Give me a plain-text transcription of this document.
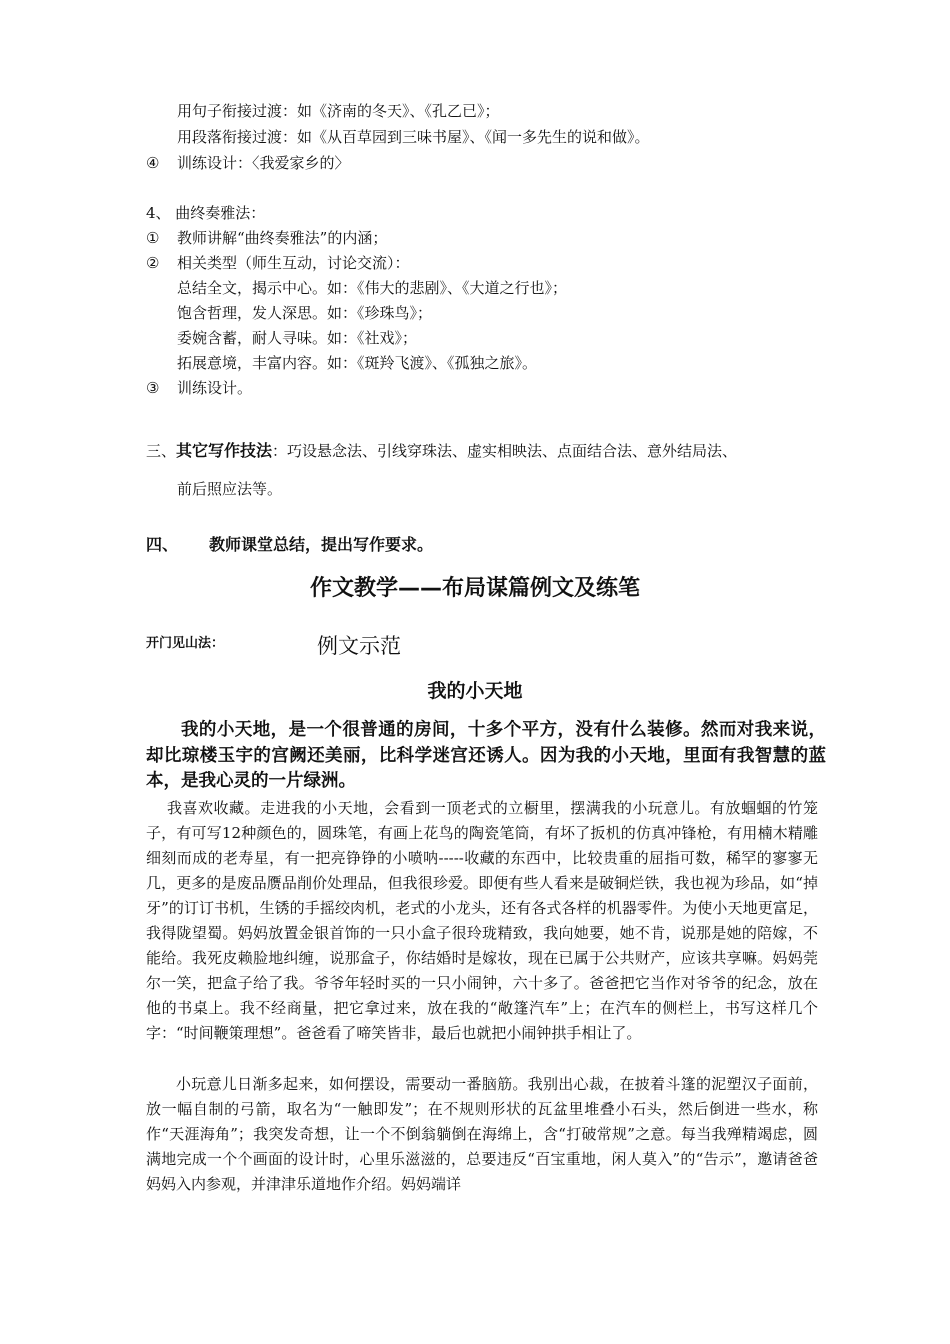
用句子衔接过渡：如《济南的冬天》、《孔乙已》；
用段落衔接过渡：如《从百草园到三味书屋》、《闻一多先生的说和做》。
④ 训练设计：〈我爱家乡的〉
4、 曲终奏雅法：
① 教师讲解“曲终奏雅法”的内涵；
② 相关类型（师生互动，讨论交流）：
总结全文，揭示中心。如：《伟大的悲剧》、《大道之行也》；
饱含哲理，发人深思。如：《珍珠鸟》；
委婉含蓄，耐人寻味。如：《社戏》；
拓展意境，丰富内容。如：《斑羚飞渡》、《孤独之旅》。
③ 训练设计。
三、其它写作技法：巧设悬念法、引线穿珠法、虚实相映法、点面结合法、意外结局法、
前后照应法等。
四、 教师课堂总结，提出写作要求。
作文教学——布局谋篇例文及练笔
开门见山法：	例文示范
我的小天地
我的小天地，是一个很普通的房间，十多个平方，没有什么装修。然而对我来说，却比琼楼玉宇的宫阙还美丽，比科学迷宫还诱人。因为我的小天地，里面有我智慧的蓝本，是我心灵的一片绿洲。
我喜欢收藏。走进我的小天地，会看到一顶老式的立橱里，摆满我的小玩意儿。有放蝈蝈的竹笼子，有可写12种颜色的，圆珠笔，有画上花鸟的陶瓷笔筒，有坏了扳机的仿真冲锋枪，有用楠木精雕细刻而成的老寿星，有一把亮铮铮的小喷呐-----收藏的东西中，比较贵重的屈指可数，稀罕的寥寥无几，更多的是废品赝品削价处理品，但我很珍爱。即便有些人看来是破铜烂铁，我也视为珍品，如“掉牙”的订订书机，生锈的手摇绞肉机，老式的小龙头，还有各式各样的机器零件。为使小天地更富足，我得陇望蜀。妈妈放置金银首饰的一只小盒子很玲珑精致，我向她要，她不肯，说那是她的陪嫁，不能给。我死皮赖脸地纠缠，说那盒子，你结婚时是嫁妆，现在已属于公共财产，应该共享嘛。妈妈莞尔一笑，把盒子给了我。爷爷年轻时买的一只小闹钟，六十多了。爸爸把它当作对爷爷的纪念，放在他的书桌上。我不经商量，把它拿过来，放在我的“敞篷汽车”上；在汽车的侧栏上，书写这样几个字：“时间鞭策理想”。爸爸看了啼笑皆非，最后也就把小闹钟拱手相让了。
小玩意儿日渐多起来，如何摆设，需要动一番脑筋。我别出心裁，在披着斗篷的泥塑汉子面前，放一幅自制的弓箭，取名为“一触即发”；在不规则形状的瓦盆里堆叠小石头，然后倒进一些水，称作“天涯海角”；我突发奇想，让一个不倒翁躺倒在海绵上，含“打破常规”之意。每当我殚精竭虑，圆满地完成一个个画面的设计时，心里乐滋滋的，总要违反“百宝重地，闲人莫入”的“告示”，邀请爸爸妈妈入内参观，并津津乐道地作介绍。妈妈端详
